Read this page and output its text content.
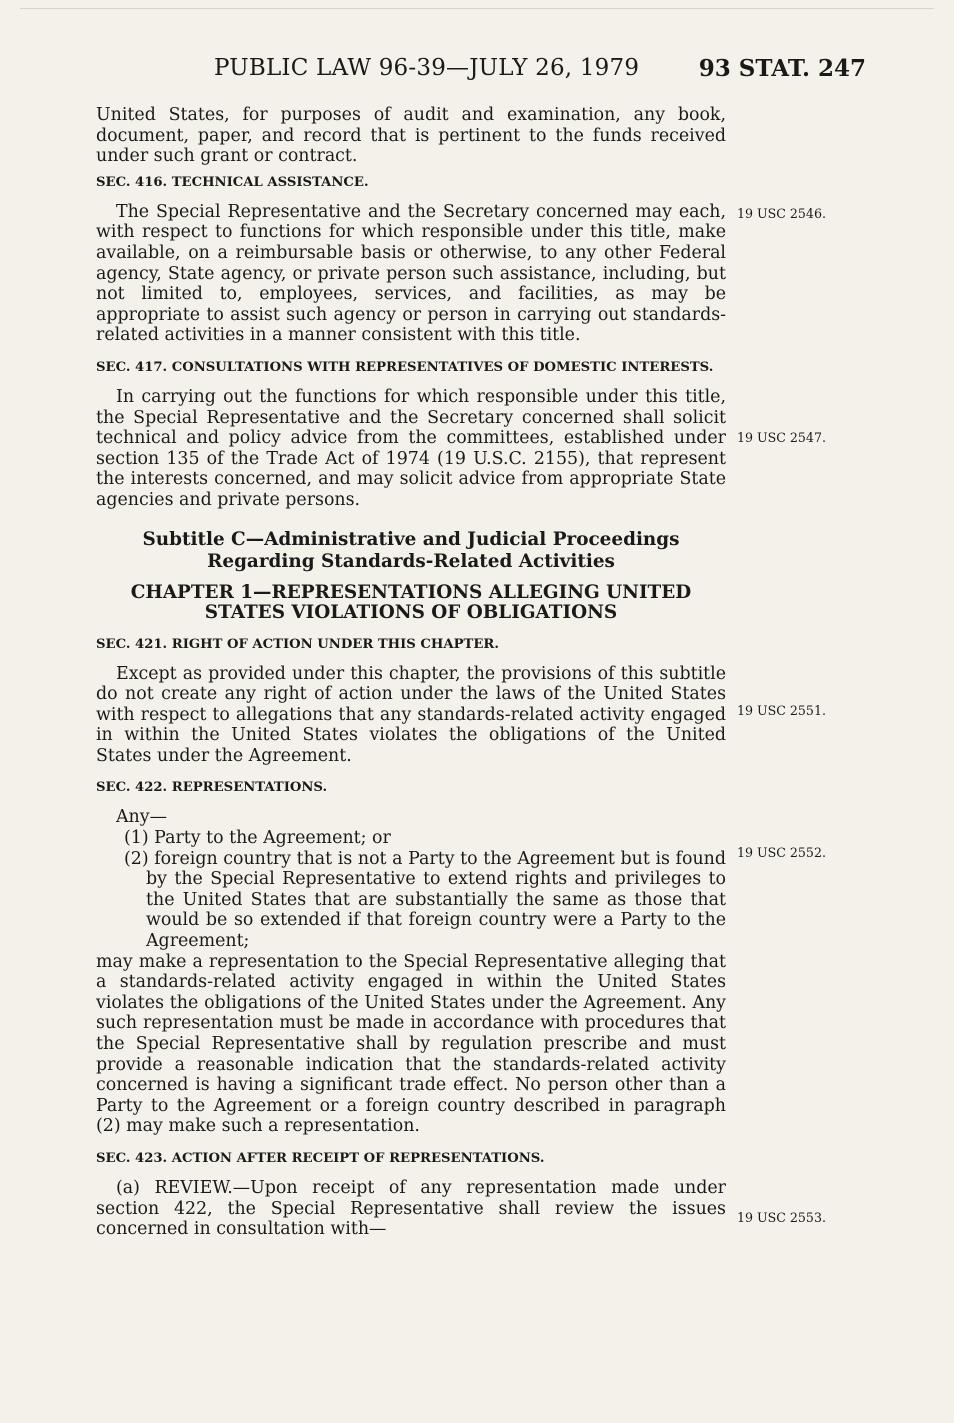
PUBLIC LAW 96-39—JULY 26, 1979	93 STAT. 247

United States, for purposes of audit and examination, any book, document, paper, and record that is pertinent to the funds received under such grant or contract.

SEC. 416. TECHNICAL ASSISTANCE.

The Special Representative and the Secretary concerned may each, with respect to functions for which responsible under this title, make available, on a reimbursable basis or otherwise, to any other Federal agency, State agency, or private person such assistance, including, but not limited to, employees, services, and facilities, as may be appropriate to assist such agency or person in carrying out standards-related activities in a manner consistent with this title.

SEC. 417. CONSULTATIONS WITH REPRESENTATIVES OF DOMESTIC INTERESTS.

In carrying out the functions for which responsible under this title, the Special Representative and the Secretary concerned shall solicit technical and policy advice from the committees, established under section 135 of the Trade Act of 1974 (19 U.S.C. 2155), that represent the interests concerned, and may solicit advice from appropriate State agencies and private persons.

Subtitle C—Administrative and Judicial Proceedings Regarding Standards-Related Activities
CHAPTER 1—REPRESENTATIONS ALLEGING UNITED STATES VIOLATIONS OF OBLIGATIONS
SEC. 421. RIGHT OF ACTION UNDER THIS CHAPTER.

Except as provided under this chapter, the provisions of this subtitle do not create any right of action under the laws of the United States with respect to allegations that any standards-related activity engaged in within the United States violates the obligations of the United States under the Agreement.

SEC. 422. REPRESENTATIONS.

Any—

(1) Party to the Agreement; or

(2) foreign country that is not a Party to the Agreement but is found by the Special Representative to extend rights and privileges to the United States that are substantially the same as those that would be so extended if that foreign country were a Party to the Agreement;

may make a representation to the Special Representative alleging that a standards-related activity engaged in within the United States violates the obligations of the United States under the Agreement. Any such representation must be made in accordance with procedures that the Special Representative shall by regulation prescribe and must provide a reasonable indication that the standards-related activity concerned is having a significant trade effect. No person other than a Party to the Agreement or a foreign country described in paragraph (2) may make such a representation.

SEC. 423. ACTION AFTER RECEIPT OF REPRESENTATIONS.

(a) REVIEW.—Upon receipt of any representation made under section 422, the Special Representative shall review the issues concerned in consultation with—

19 USC 2546.
19 USC 2547.
19 USC 2551.
19 USC 2552.
19 USC 2553.
